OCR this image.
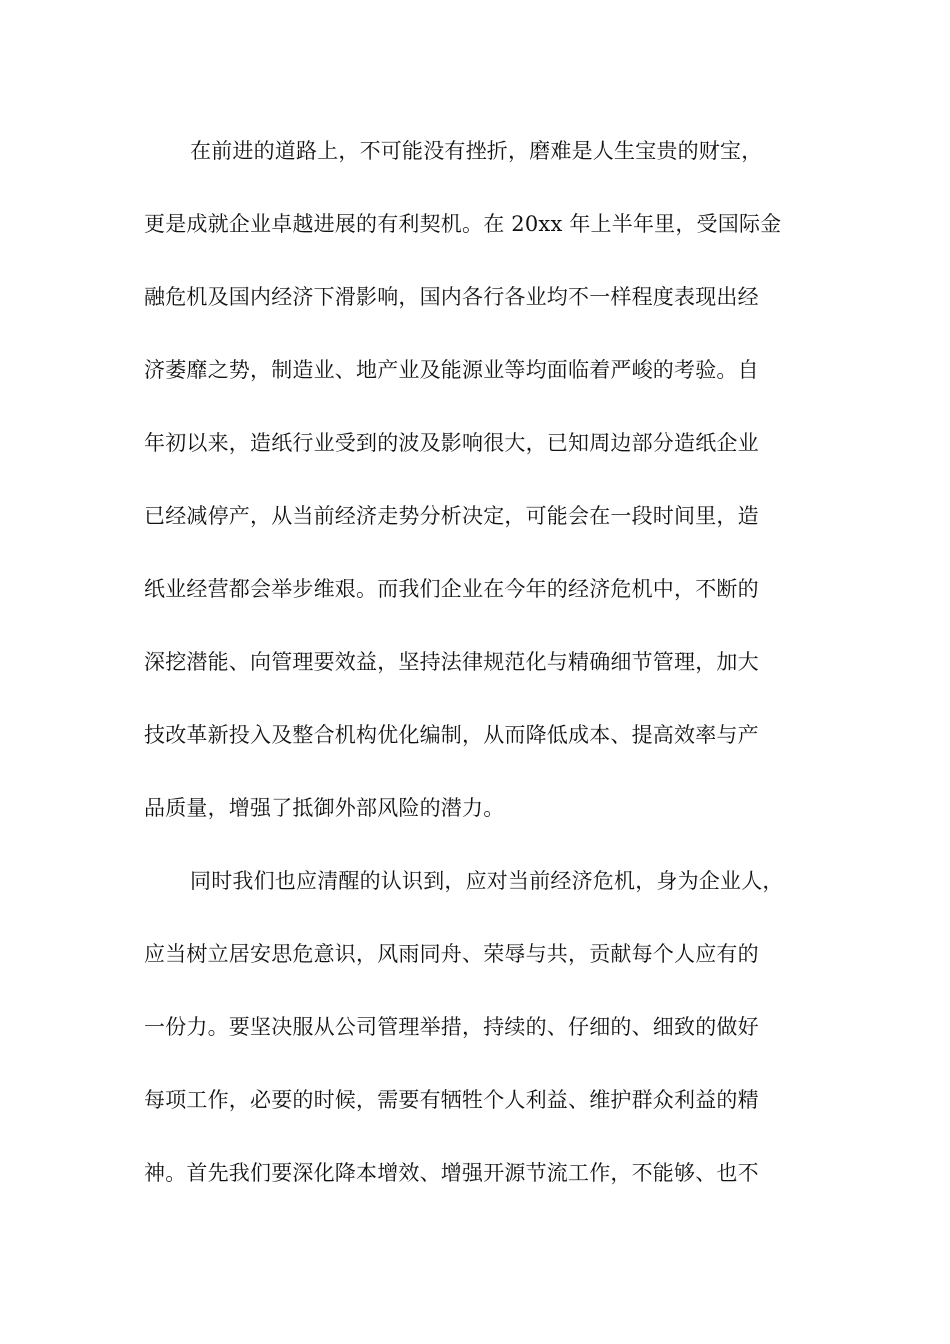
在前进的道路上，不可能没有挫折，磨难是人生宝贵的财宝，
更是成就企业卓越进展的有利契机。在 20xx 年上半年里，受国际金
融危机及国内经济下滑影响，国内各行各业均不一样程度表现出经
济萎靡之势，制造业、地产业及能源业等均面临着严峻的考验。自
年初以来，造纸行业受到的波及影响很大，已知周边部分造纸企业
已经减停产，从当前经济走势分析决定，可能会在一段时间里，造
纸业经营都会举步维艰。而我们企业在今年的经济危机中，不断的
深挖潜能、向管理要效益，坚持法律规范化与精确细节管理，加大
技改革新投入及整合机构优化编制，从而降低成本、提高效率与产
品质量，增强了抵御外部风险的潜力。
同时我们也应清醒的认识到，应对当前经济危机，身为企业人，
应当树立居安思危意识，风雨同舟、荣辱与共，贡献每个人应有的
一份力。要坚决服从公司管理举措，持续的、仔细的、细致的做好
每项工作，必要的时候，需要有牺牲个人利益、维护群众利益的精
神。首先我们要深化降本增效、增强开源节流工作，不能够、也不
